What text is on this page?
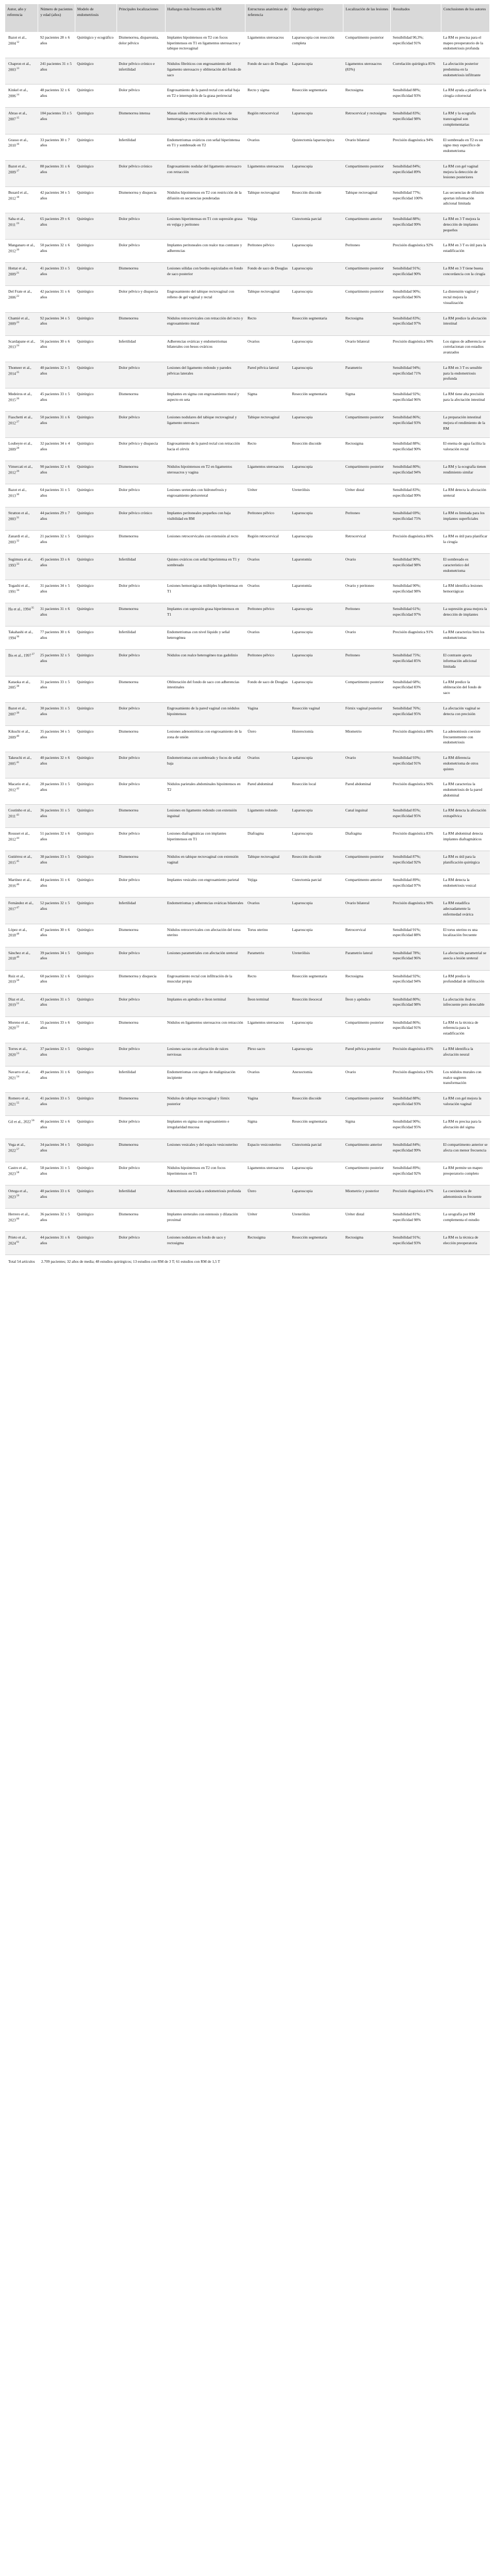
Autor, año y referencia	Número de pacientes y edad (años)	Modelo de endometriosis	Principales localizaciones	Hallazgos más frecuentes en la RM	Estructuras anatómicas de referencia	Abordaje quirúrgico	Localización de las lesiones	Resultados	Conclusiones de los autores
Bazot et al., 2004$^{12}$	92 pacientes 28 ± 6 años	Quirúrgico y ecográfico	Dismenorrea, dispareunia, dolor pélvico	Implantes hipointensos en T2 con focos hiperintensos en T1 en ligamentos uterosacros y tabique rectovaginal	Ligamentos uterosacros	Laparoscopia con resección completa	Compartimento posterior	Sensibilidad 90,3%; especificidad 91%	La RM es precisa para el mapeo preoperatorio de la endometriosis profunda
Chapron et al., 2003$^{13}$	241 pacientes 31 ± 5 años	Quirúrgico	Dolor pélvico crónico e infertilidad	Nódulos fibróticos con engrosamiento del ligamento uterosacro y obliteración del fondo de saco	Fondo de saco de Douglas	Laparoscopia	Ligamentos uterosacros (83%)	Correlación quirúrgica 85%	La afectación posterior predomina en la endometriosis infiltrante
Kinkel et al., 2006$^{14}$	48 pacientes 32 ± 6 años	Quirúrgico	Dolor pélvico	Engrosamiento de la pared rectal con señal baja en T2 e interrupción de la grasa perirrectal	Recto y sigma	Resección segmentaria	Rectosigma	Sensibilidad 88%; especificidad 93%	La RM ayuda a planificar la cirugía colorrectal
Abrao et al., 2007$^{15}$	104 pacientes 33 ± 5 años	Quirúrgico	Dismenorrea intensa	Masas sólidas retrocervicales con focos de hemorragia y retracción de estructuras vecinas	Región retrocervical	Laparoscopia	Retrocervical y rectosigma	Sensibilidad 83%; especificidad 98%	La RM y la ecografía transvaginal son complementarias
Grasso et al., 2010$^{16}$	33 pacientes 30 ± 7 años	Quirúrgico	Infertilidad	Endometriomas ováricos con señal hiperintensa en T1 y sombreado en T2	Ovarios	Quistectomía laparoscópica	Ovario bilateral	Precisión diagnóstica 94%	El sombreado en T2 es un signo muy específico de endometrioma
Bazot et al., 2009$^{17}$	88 pacientes 31 ± 6 años	Quirúrgico	Dolor pélvico crónico	Engrosamiento nodular del ligamento uterosacro con retracción	Ligamentos uterosacros	Laparoscopia	Compartimento posterior	Sensibilidad 84%; especificidad 89%	La RM con gel vaginal mejora la detección de lesiones posteriores
Busard et al., 2012$^{18}$	42 pacientes 34 ± 5 años	Quirúrgico	Dismenorrea y disquecia	Nódulos hipointensos en T2 con restricción de la difusión en secuencias ponderadas	Tabique rectovaginal	Resección discoide	Tabique rectovaginal	Sensibilidad 77%; especificidad 100%	Las secuencias de difusión aportan información adicional limitada
Saba et al., 2011$^{19}$	65 pacientes 29 ± 6 años	Quirúrgico	Dolor pélvico	Lesiones hiperintensas en T1 con supresión grasa en vejiga y peritoneo	Vejiga	Cistectomía parcial	Compartimento anterior	Sensibilidad 88%; especificidad 99%	La RM en 3 T mejora la detección de implantes pequeños
Manganaro et al., 2012$^{20}$	50 pacientes 32 ± 6 años	Quirúrgico	Dolor pélvico	Implantes peritoneales con realce tras contraste y adherencias	Peritoneo pélvico	Laparoscopia	Peritoneo	Precisión diagnóstica 92%	La RM en 3 T es útil para la estadificación
Hottat et al., 2009$^{21}$	41 pacientes 33 ± 5 años	Quirúrgico	Dismenorrea	Lesiones sólidas con bordes espiculados en fondo de saco posterior	Fondo de saco de Douglas	Laparoscopia	Compartimento posterior	Sensibilidad 91%; especificidad 90%	La RM en 3 T tiene buena concordancia con la cirugía
Del Frate et al., 2006$^{22}$	42 pacientes 31 ± 6 años	Quirúrgico	Dolor pélvico y disquecia	Engrosamiento del tabique rectovaginal con relleno de gel vaginal y rectal	Tabique rectovaginal	Laparoscopia	Compartimento posterior	Sensibilidad 90%; especificidad 96%	La distensión vaginal y rectal mejora la visualización
Chamié et al., 2009$^{23}$	92 pacientes 34 ± 5 años	Quirúrgico	Dismenorrea	Nódulos retrocervicales con retracción del recto y engrosamiento mural	Recto	Resección segmentaria	Rectosigma	Sensibilidad 83%; especificidad 97%	La RM predice la afectación intestinal
Scardapane et al., 2013$^{24}$	56 pacientes 30 ± 6 años	Quirúrgico	Infertilidad	Adherencias ováricas y endometriomas bilaterales con besos ováricos	Ovarios	Laparoscopia	Ovario bilateral	Precisión diagnóstica 90%	Los signos de adherencia se correlacionan con estadios avanzados
Thomeer et al., 2014$^{25}$	40 pacientes 32 ± 5 años	Quirúrgico	Dolor pélvico	Lesiones del ligamento redondo y paredes pélvicas laterales	Pared pélvica lateral	Laparoscopia	Parametrio	Sensibilidad 94%; especificidad 71%	La RM en 3 T es sensible para la endometriosis profunda
Medeiros et al., 2015$^{26}$	45 pacientes 33 ± 5 años	Quirúrgico	Dismenorrea	Implantes en sigma con engrosamiento mural y aspecto en seta	Sigma	Resección segmentaria	Sigma	Sensibilidad 92%; especificidad 96%	La RM tiene alta precisión para la afectación intestinal
Fiaschetti et al., 2012$^{27}$	50 pacientes 31 ± 6 años	Quirúrgico	Dolor pélvico	Lesiones nodulares del tabique rectovaginal y ligamento uterosacro	Tabique rectovaginal	Laparoscopia	Compartimento posterior	Sensibilidad 86%; especificidad 93%	La preparación intestinal mejora el rendimiento de la RM
Loubeyre et al., 2009$^{28}$	32 pacientes 34 ± 4 años	Quirúrgico	Dolor pélvico y disquecia	Engrosamiento de la pared rectal con retracción hacia el cérvix	Recto	Resección discoide	Rectosigma	Sensibilidad 88%; especificidad 90%	El enema de agua facilita la valoración rectal
Vimercati et al., 2012$^{29}$	90 pacientes 32 ± 6 años	Quirúrgico	Dismenorrea	Nódulos hipointensos en T2 en ligamentos uterosacros y vagina	Ligamentos uterosacros	Laparoscopia	Compartimento posterior	Sensibilidad 80%; especificidad 94%	La RM y la ecografía tienen rendimiento similar
Bazot et al., 2013$^{30}$	64 pacientes 31 ± 5 años	Quirúrgico	Dolor pélvico	Lesiones ureterales con hidronefrosis y engrosamiento periureteral	Uréter	Ureterólisis	Uréter distal	Sensibilidad 83%; especificidad 99%	La RM detecta la afectación ureteral
Stratton et al., 2003$^{31}$	44 pacientes 29 ± 7 años	Quirúrgico	Dolor pélvico crónico	Implantes peritoneales pequeños con baja visibilidad en RM	Peritoneo pélvico	Laparoscopia	Peritoneo	Sensibilidad 69%; especificidad 75%	La RM es limitada para los implantes superficiales
Zanardi et al., 2003$^{32}$	21 pacientes 32 ± 5 años	Quirúrgico	Dismenorrea	Lesiones retrocervicales con extensión al recto	Región retrocervical	Laparoscopia	Retrocervical	Precisión diagnóstica 86%	La RM es útil para planificar la cirugía
Sugimura et al., 1993$^{33}$	45 pacientes 33 ± 6 años	Quirúrgico	Infertilidad	Quistes ováricos con señal hiperintensa en T1 y sombreado	Ovarios	Laparotomía	Ovario	Sensibilidad 90%; especificidad 98%	El sombreado es característico del endometrioma
Togashi et al., 1991$^{34}$	31 pacientes 34 ± 5 años	Quirúrgico	Dolor pélvico	Lesiones hemorrágicas múltiples hiperintensas en T1	Ovarios	Laparotomía	Ovario y peritoneo	Sensibilidad 90%; especificidad 98%	La RM identifica lesiones hemorrágicas
Ha et al., 1994$^{35}$	31 pacientes 31 ± 6 años	Quirúrgico	Dismenorrea	Implantes con supresión grasa hiperintensos en T1	Peritoneo pélvico	Laparoscopia	Peritoneo	Sensibilidad 61%; especificidad 97%	La supresión grasa mejora la detección de implantes
Takahashi et al., 1994$^{36}$	77 pacientes 30 ± 6 años	Quirúrgico	Infertilidad	Endometriomas con nivel líquido y señal heterogénea	Ovarios	Laparoscopia	Ovario	Precisión diagnóstica 91%	La RM caracteriza bien los endometriomas
Bis et al., 1997$^{37}$	25 pacientes 32 ± 5 años	Quirúrgico	Dolor pélvico	Nódulos con realce heterogéneo tras gadolinio	Peritoneo pélvico	Laparoscopia	Peritoneo	Sensibilidad 75%; especificidad 85%	El contraste aporta información adicional limitada
Kataoka et al., 2005$^{38}$	31 pacientes 33 ± 5 años	Quirúrgico	Dismenorrea	Obliteración del fondo de saco con adherencias intestinales	Fondo de saco de Douglas	Laparoscopia	Compartimento posterior	Sensibilidad 68%; especificidad 83%	La RM predice la obliteración del fondo de saco
Bazot et al., 2007$^{39}$	30 pacientes 31 ± 5 años	Quirúrgico	Dolor pélvico	Engrosamiento de la pared vaginal con nódulos hipointensos	Vagina	Resección vaginal	Fórnix vaginal posterior	Sensibilidad 76%; especificidad 95%	La afectación vaginal se detecta con precisión
Kikuchi et al., 2009$^{40}$	35 pacientes 34 ± 5 años	Quirúrgico	Dismenorrea	Lesiones adenomióticas con engrosamiento de la zona de unión	Útero	Histerectomía	Miometrio	Precisión diagnóstica 88%	La adenomiosis coexiste frecuentemente con endometriosis
Takeuchi et al., 2005$^{41}$	40 pacientes 32 ± 6 años	Quirúrgico	Dolor pélvico	Endometriomas con sombreado y focos de señal baja	Ovarios	Laparoscopia	Ovario	Sensibilidad 93%; especificidad 91%	La RM diferencia endometrioma de otros quistes
Macario et al., 2012$^{42}$	28 pacientes 33 ± 5 años	Quirúrgico	Dolor pélvico	Nódulos parietales abdominales hipointensos en T2	Pared abdominal	Resección local	Pared abdominal	Precisión diagnóstica 96%	La RM caracteriza la endometriosis de la pared abdominal
Coutinho et al., 2011$^{43}$	36 pacientes 31 ± 5 años	Quirúrgico	Dismenorrea	Lesiones en ligamento redondo con extensión inguinal	Ligamento redondo	Laparoscopia	Canal inguinal	Sensibilidad 85%; especificidad 95%	La RM detecta la afectación extrapélvica
Rousset et al., 2012$^{44}$	51 pacientes 32 ± 6 años	Quirúrgico	Dolor pélvico	Lesiones diafragmáticas con implantes hiperintensos en T1	Diafragma	Laparoscopia	Diafragma	Precisión diagnóstica 83%	La RM abdominal detecta implantes diafragmáticos
Gutiérrez et al., 2015$^{45}$	38 pacientes 33 ± 5 años	Quirúrgico	Dismenorrea	Nódulos en tabique rectovaginal con extensión vaginal	Tabique rectovaginal	Resección discoide	Compartimento posterior	Sensibilidad 87%; especificidad 92%	La RM es útil para la planificación quirúrgica
Martínez et al., 2016$^{46}$	44 pacientes 31 ± 6 años	Quirúrgico	Dolor pélvico	Implantes vesicales con engrosamiento parietal	Vejiga	Cistectomía parcial	Compartimento anterior	Sensibilidad 89%; especificidad 97%	La RM detecta la endometriosis vesical
Fernández et al., 2017$^{47}$	52 pacientes 32 ± 5 años	Quirúrgico	Infertilidad	Endometriomas y adherencias ováricas bilaterales	Ovarios	Laparoscopia	Ovario bilateral	Precisión diagnóstica 90%	La RM estadifica adecuadamente la enfermedad ovárica
López et al., 2018$^{48}$	47 pacientes 30 ± 6 años	Quirúrgico	Dismenorrea	Nódulos retrocervicales con afectación del torus uterino	Torus uterino	Laparoscopia	Retrocervical	Sensibilidad 91%; especificidad 88%	El torus uterino es una localización frecuente
Sánchez et al., 2018$^{49}$	39 pacientes 34 ± 5 años	Quirúrgico	Dolor pélvico	Lesiones parametriales con afectación ureteral	Parametrio	Ureterólisis	Parametrio lateral	Sensibilidad 78%; especificidad 96%	La afectación parametrial se asocia a lesión ureteral
Ruiz et al., 2019$^{50}$	60 pacientes 32 ± 6 años	Quirúrgico	Dismenorrea y disquecia	Engrosamiento rectal con infiltración de la muscular propia	Recto	Resección segmentaria	Rectosigma	Sensibilidad 92%; especificidad 94%	La RM predice la profundidad de infiltración
Díaz et al., 2019$^{51}$	43 pacientes 31 ± 5 años	Quirúrgico	Dolor pélvico	Implantes en apéndice e íleon terminal	Íleon terminal	Resección ileocecal	Íleon y apéndice	Sensibilidad 80%; especificidad 98%	La afectación ileal es infrecuente pero detectable
Moreno et al., 2020$^{52}$	55 pacientes 33 ± 6 años	Quirúrgico	Dismenorrea	Nódulos en ligamentos uterosacros con retracción	Ligamentos uterosacros	Laparoscopia	Compartimento posterior	Sensibilidad 86%; especificidad 91%	La RM es la técnica de referencia para la estadificación
Torres et al., 2020$^{53}$	37 pacientes 32 ± 5 años	Quirúrgico	Dolor pélvico	Lesiones sacras con afectación de raíces nerviosas	Plexo sacro	Laparoscopia	Pared pélvica posterior	Precisión diagnóstica 85%	La RM identifica la afectación neural
Navarro et al., 2021$^{54}$	49 pacientes 31 ± 6 años	Quirúrgico	Infertilidad	Endometriomas con signos de malignización incipiente	Ovarios	Anexectomía	Ovario	Precisión diagnóstica 93%	Los nódulos murales con realce sugieren transformación
Romero et al., 2021$^{55}$	41 pacientes 33 ± 5 años	Quirúrgico	Dismenorrea	Nódulos de tabique rectovaginal y fórnix posterior	Vagina	Resección discoide	Compartimento posterior	Sensibilidad 88%; especificidad 93%	La RM con gel mejora la valoración vaginal
Gil et al., 2022$^{56}$	46 pacientes 32 ± 6 años	Quirúrgico	Dolor pélvico	Implantes en sigma con engrosamiento e irregularidad mucosa	Sigma	Resección segmentaria	Sigma	Sensibilidad 90%; especificidad 95%	La RM es precisa para la afectación del sigma
Vega et al., 2022$^{57}$	34 pacientes 34 ± 5 años	Quirúrgico	Dismenorrea	Lesiones vesicales y del espacio vesicouterino	Espacio vesicouterino	Cistectomía parcial	Compartimento anterior	Sensibilidad 84%; especificidad 99%	El compartimento anterior se afecta con menor frecuencia
Castro et al., 2023$^{58}$	58 pacientes 31 ± 5 años	Quirúrgico	Dolor pélvico	Nódulos hipointensos en T2 con focos hiperintensos en T1	Ligamentos uterosacros	Laparoscopia	Compartimento posterior	Sensibilidad 89%; especificidad 92%	La RM permite un mapeo preoperatorio completo
Ortega et al., 2023$^{59}$	40 pacientes 33 ± 6 años	Quirúrgico	Infertilidad	Adenomiosis asociada a endometriosis profunda	Útero	Laparoscopia	Miometrio y posterior	Precisión diagnóstica 87%	La coexistencia de adenomiosis es frecuente
Herrero et al., 2023$^{60}$	36 pacientes 32 ± 5 años	Quirúrgico	Dismenorrea	Implantes ureterales con estenosis y dilatación proximal	Uréter	Ureterólisis	Uréter distal	Sensibilidad 81%; especificidad 98%	La urografía por RM complementa el estudio
Prieto et al., 2024$^{61}$	44 pacientes 31 ± 6 años	Quirúrgico	Dolor pélvico	Lesiones nodulares en fondo de saco y rectosigma	Rectosigma	Resección segmentaria	Rectosigma	Sensibilidad 91%; especificidad 93%	La RM es la técnica de elección preoperatoria
Total 54 artículos	2.709 pacientes; 32 años de media; 48 estudios quirúrgicos; 13 estudios con RM de 3 T; 61 estudios con RM de 1,5 T								
